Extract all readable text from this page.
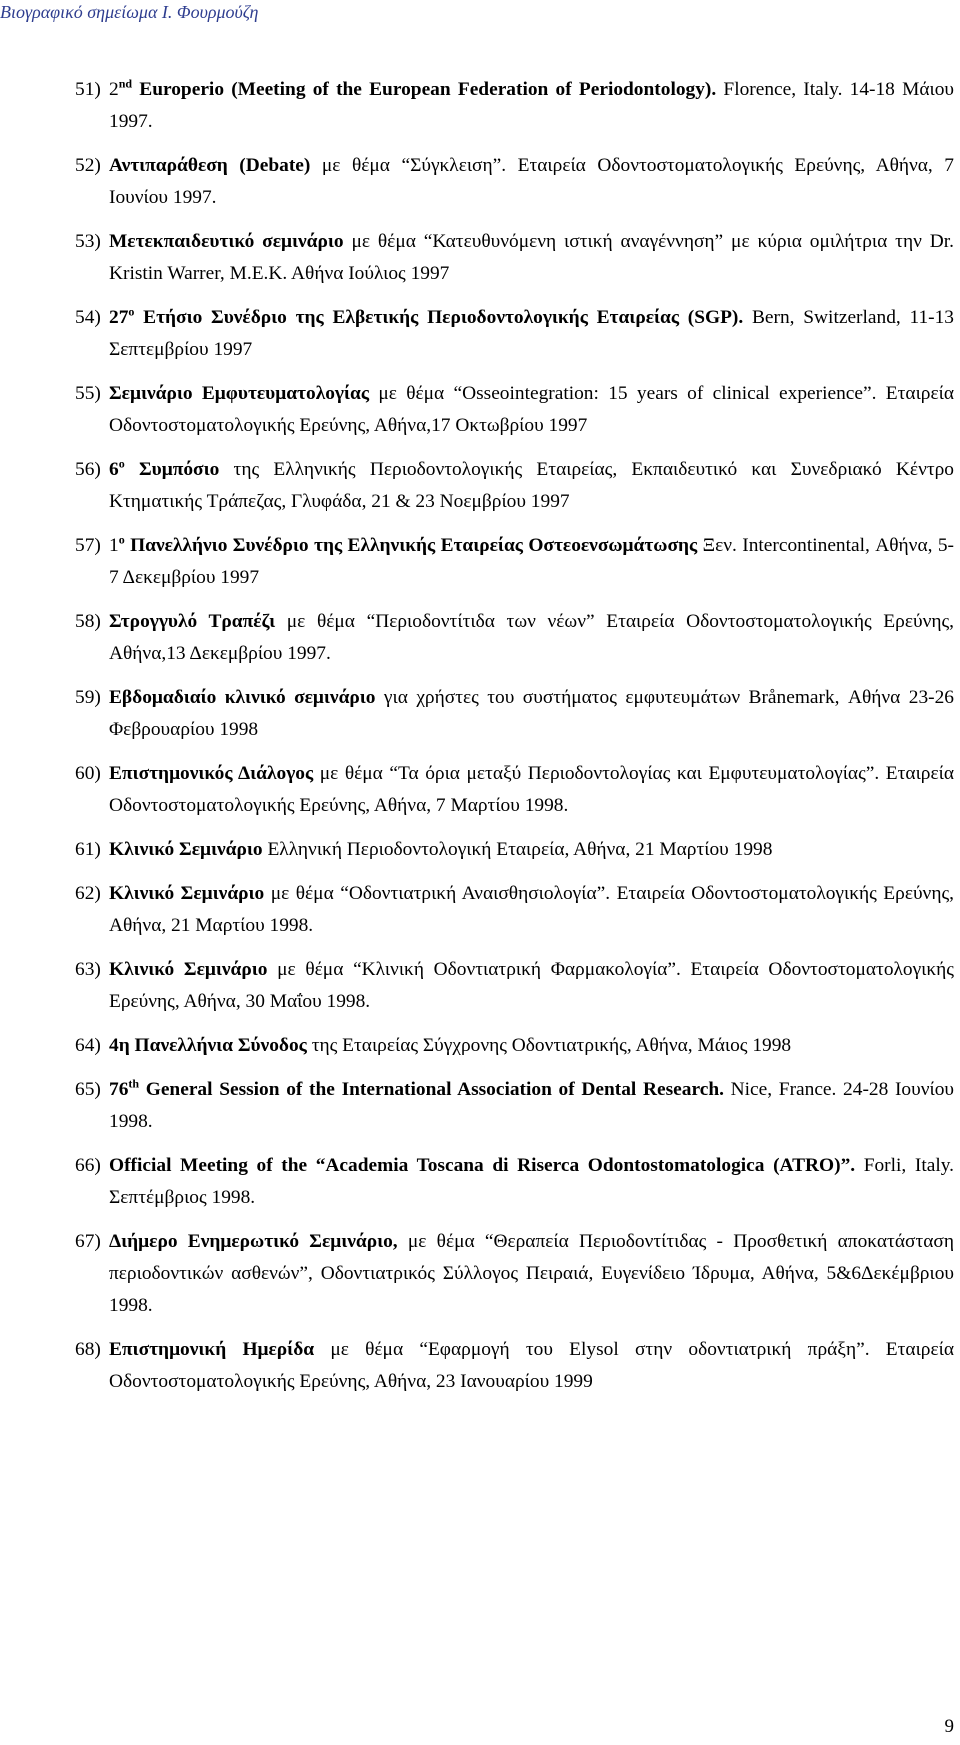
Βιογραφικό σημείωμα Ι. Φουρμούζη

51) 2nd Europerio (Meeting of the European Federation of Periodontology). Florence, Italy. 14-18 Μάιου 1997.
52) Αντιπαράθεση (Debate) με θέμα “Σύγκλειση”. Εταιρεία Οδοντοστοματολογικής Ερεύνης, Αθήνα, 7 Ιουνίου 1997.
53) Μετεκπαιδευτικό σεμινάριο με θέμα “Κατευθυνόμενη ιστική αναγέννηση” με κύρια ομιλήτρια την Dr. Kristin Warrer, Μ.Ε.Κ. Αθήνα Ιούλιος 1997
54) $27^o$ Ετήσιο Συνέδριο της Ελβετικής Περιοδοντολογικής Εταιρείας (SGP). Bern, Switzerland, 11-13 Σεπτεμβρίου 1997
55) Σεμινάριο Εμφυτευματολογίας με θέμα “Osseointegration: 15 years of clinical experience”. Εταιρεία Οδοντοστοματολογικής Ερεύνης, Αθήνα,17 Οκτωβρίου 1997
56) $6^o$ Συμπόσιο της Ελληνικής Περιοδοντολογικής Εταιρείας, Εκπαιδευτικό και Συνεδριακό Κέντρο Κτηματικής Τράπεζας, Γλυφάδα, 21 & 23 Νοεμβρίου 1997
57) $1^o$ Πανελλήνιο Συνέδριο της Ελληνικής Εταιρείας Οστεοενσωμάτωσης Ξεν. Intercontinental, Αθήνα, 5-7 Δεκεμβρίου 1997
58) Στρογγυλό Τραπέζι με θέμα “Περιοδοντίτιδα των νέων” Εταιρεία Οδοντοστοματολογικής Ερεύνης, Αθήνα,13 Δεκεμβρίου 1997.
59) Εβδομαδιαίο κλινικό σεμινάριο για χρήστες του συστήματος εμφυτευμάτων Brånemark, Αθήνα 23-26 Φεβρουαρίου 1998
60) Επιστημονικός Διάλογος με θέμα “Τα όρια μεταξύ Περιοδοντολογίας και Εμφυτευματολογίας”. Εταιρεία Οδοντοστοματολογικής Ερεύνης, Αθήνα, 7 Μαρτίου 1998.
61) Κλινικό Σεμινάριο Ελληνική Περιοδοντολογική Εταιρεία, Αθήνα, 21 Μαρτίου 1998
62) Κλινικό Σεμινάριο με θέμα “Οδοντιατρική Αναισθησιολογία”. Εταιρεία Οδοντοστοματολογικής Ερεύνης, Αθήνα, 21 Μαρτίου 1998.
63) Κλινικό Σεμινάριο με θέμα “Κλινική Οδοντιατρική Φαρμακολογία”. Εταιρεία Οδοντοστοματολογικής Ερεύνης, Αθήνα, 30 Μαΐου 1998.
64) 4η Πανελλήνια Σύνοδος της Εταιρείας Σύγχρονης Οδοντιατρικής, Αθήνα, Μάιος 1998
65) 76th General Session of the International Association of Dental Research. Nice, France. 24-28 Ιουνίου 1998.
66) Official Meeting of the “Academia Toscana di Riserca Odontostomatologica (ATRO)”. Forli, Italy. Σεπτέμβριος 1998.
67) Διήμερο Ενημερωτικό Σεμινάριο, με θέμα “Θεραπεία Περιοδοντίτιδας - Προσθετική αποκατάσταση περιοδοντικών ασθενών”, Οδοντιατρικός Σύλλογος Πειραιά, Ευγενίδειο Ίδρυμα, Αθήνα, 5&6Δεκέμβριου 1998.
68) Επιστημονική Ημερίδα με θέμα “Εφαρμογή του Elysol στην οδοντιατρική πράξη”. Εταιρεία Οδοντοστοματολογικής Ερεύνης, Αθήνα, 23 Ιανουαρίου 1999
9
